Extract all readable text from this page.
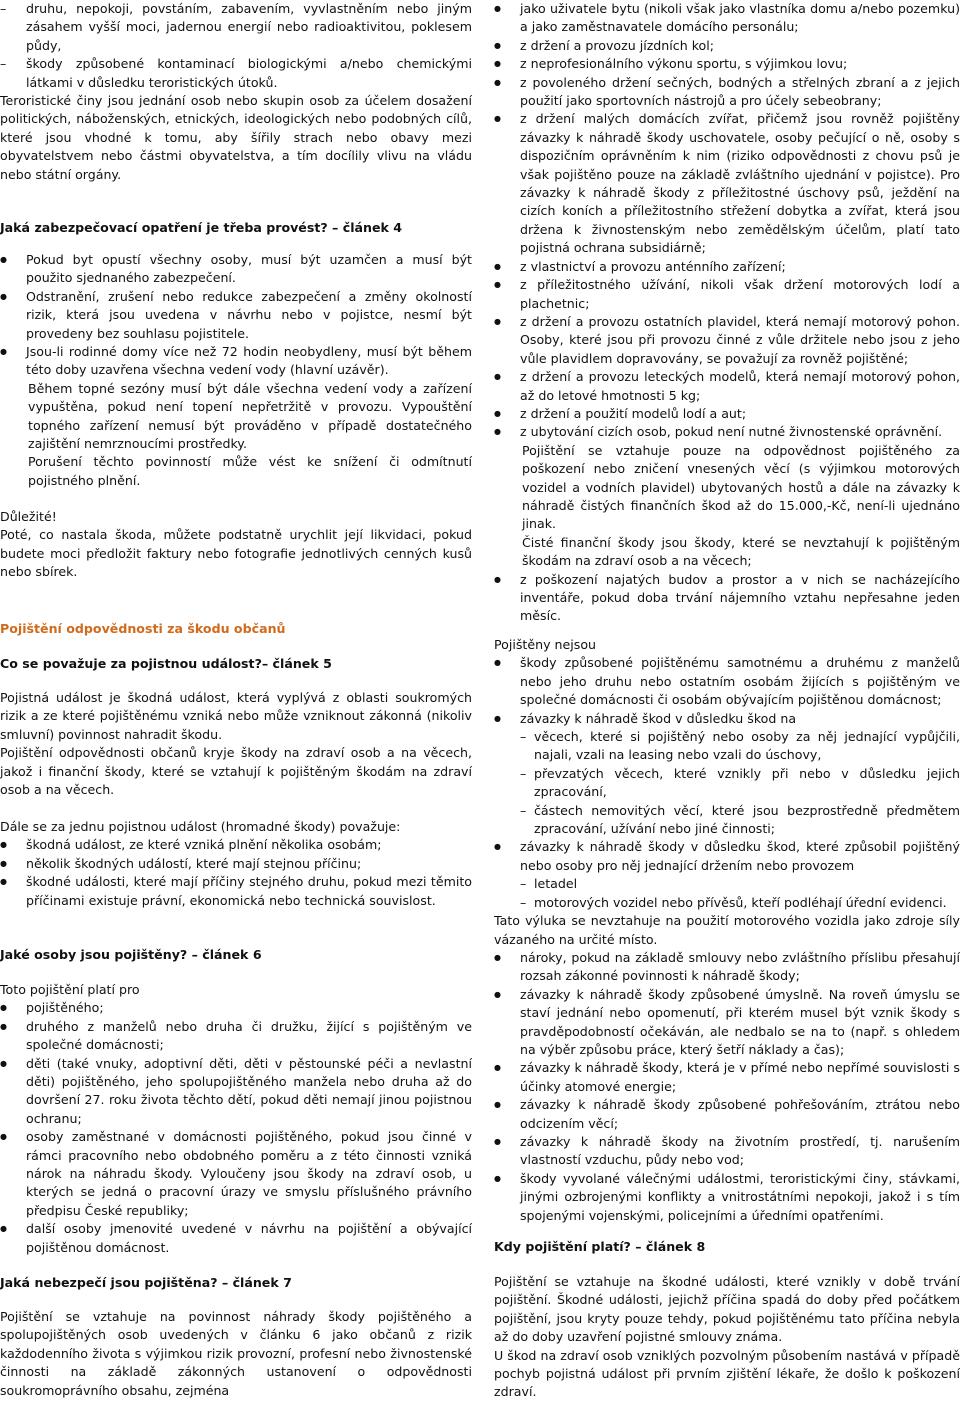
– druhu, nepokoji, povstáním, zabavením, vyvlastněním nebo jiným zásahem vyšší moci, jadernou energií nebo radioaktivitou, poklesem půdy,
– škody způsobené kontaminací biologickými a/nebo chemickými látkami v důsledku teroristických útoků.

Teroristické činy jsou jednání osob nebo skupin osob za účelem dosažení politických, náboženských, etnických, ideologických nebo podobných cílů, které jsou vhodné k tomu, aby šířily strach nebo obavy mezi obyvatelstvem nebo částmi obyvatelstva, a tím docílily vlivu na vládu nebo státní orgány.

Jaká zabezpečovací opatření je třeba provést? – článek 4

● Pokud byt opustí všechny osoby, musí být uzamčen a musí být použito sjednaného zabezpečení.
● Odstranění, zrušení nebo redukce zabezpečení a změny okolností rizik, která jsou uvedena v návrhu nebo v pojistce, nesmí být provedeny bez souhlasu pojistitele.
● Jsou-li rodinné domy více než 72 hodin neobydleny, musí být během této doby uzavřena všechna vedení vody (hlavní uzávěr).

Během topné sezóny musí být dále všechna vedení vody a zařízení vypuštěna, pokud není topení nepřetržitě v provozu. Vypouštění topného zařízení nemusí být prováděno v případě dostatečného zajištění nemrznoucími prostředky.

Porušení těchto povinností může vést ke snížení či odmítnutí pojistného plnění.

Důležité!

Poté, co nastala škoda, můžete podstatně urychlit její likvidaci, pokud budete moci předložit faktury nebo fotografie jednotlivých cenných kusů nebo sbírek.

Pojištění odpovědnosti za škodu občanů

Co se považuje za pojistnou událost?– článek 5

Pojistná událost je škodná událost, která vyplývá z oblasti soukromých rizik a ze které pojištěnému vzniká nebo může vzniknout zákonná (nikoliv smluvní) povinnost nahradit škodu.

Pojištění odpovědnosti občanů kryje škody na zdraví osob a na věcech, jakož i finanční škody, které se vztahují k pojištěným škodám na zdraví osob a na věcech.

Dále se za jednu pojistnou událost (hromadné škody) považuje:

● škodná událost, ze které vzniká plnění několika osobám;
● několik škodných událostí, které mají stejnou příčinu;
● škodné události, které mají příčiny stejného druhu, pokud mezi těmito příčinami existuje právní, ekonomická nebo technická souvislost.

Jaké osoby jsou pojištěny? – článek 6

Toto pojištění platí pro

● pojištěného;
● druhého z manželů nebo druha či družku, žijící s pojištěným ve společné domácnosti;
● děti (také vnuky, adoptivní děti, děti v pěstounské péči a nevlastní děti) pojištěného, jeho spolupojištěného manžela nebo druha až do dovršení 27. roku života těchto dětí, pokud děti nemají jinou pojistnou ochranu;
● osoby zaměstnané v domácnosti pojištěného, pokud jsou činné v rámci pracovního nebo obdobného poměru a z této činnosti vzniká nárok na náhradu škody. Vyloučeny jsou škody na zdraví osob, u kterých se jedná o pracovní úrazy ve smyslu příslušného právního předpisu České republiky;
● další osoby jmenovité uvedené v návrhu na pojištění a obývající pojištěnou domácnost.

Jaká nebezpečí jsou pojištěna? – článek 7

Pojištění se vztahuje na povinnost náhrady škody pojištěného a spolupojištěných osob uvedených v článku 6 jako občanů z rizik každodenního života s výjimkou rizik provozní, profesní nebo živnostenské činnosti na základě zákonných ustanovení o odpovědnosti soukromoprávního obsahu, zejména

● jako uživatele bytu (nikoli však jako vlastníka domu a/nebo pozemku) a jako zaměstnavatele domácího personálu;
● z držení a provozu jízdních kol;
● z neprofesionálního výkonu sportu, s výjimkou lovu;
● z povoleného držení sečných, bodných a střelných zbraní a z jejich použití jako sportovních nástrojů a pro účely sebeobrany;
● z držení malých domácích zvířat, přičemž jsou rovněž pojištěny závazky k náhradě škody uschovatele, osoby pečující o ně, osoby s dispozičním oprávněním k nim (riziko odpovědnosti z chovu psů je však pojištěno pouze na základě zvláštního ujednání v pojistce). Pro závazky k náhradě škody z příležitostné úschovy psů, ježdění na cizích koních a příležitostního střežení dobytka a zvířat, která jsou držena k živnostenským nebo zemědělským účelům, platí tato pojistná ochrana subsidiárně;
● z vlastnictví a provozu anténního zařízení;
● z příležitostného užívání, nikoli však držení motorových lodí a plachetnic;
● z držení a provozu ostatních plavidel, která nemají motorový pohon. Osoby, které jsou při provozu činné z vůle držitele nebo jsou z jeho vůle plavidlem dopravovány, se považují za rovněž pojištěné;
● z držení a provozu leteckých modelů, která nemají motorový pohon, až do letové hmotnosti 5 kg;
● z držení a použití modelů lodí a aut;
● z ubytování cizích osob, pokud není nutné živnostenské oprávnění.

Pojištění se vztahuje pouze na odpovědnost pojištěného za poškození nebo zničení vnesených věcí (s výjimkou motorových vozidel a vodních plavidel) ubytovaných hostů a dále na závazky k náhradě čistých finančních škod až do 15.000,-Kč, není-li ujednáno jinak.

Čisté finanční škody jsou škody, které se nevztahují k pojištěným škodám na zdraví osob a na věcech;

● z poškození najatých budov a prostor a v nich se nacházejícího inventáře, pokud doba trvání nájemního vztahu nepřesahne jeden měsíc.

Pojištěny nejsou

● škody způsobené pojištěnému samotnému a druhému z manželů nebo jeho druhu nebo ostatním osobám žijících s pojištěným ve společné domácnosti či osobám obývajícím pojištěnou domácnost;
● závazky k náhradě škod v důsledku škod na
– věcech, které si pojištěný nebo osoby za něj jednající vypůjčili, najali, vzali na leasing nebo vzali do úschovy,
– převzatých věcech, které vznikly při nebo v důsledku jejich zpracování,
– částech nemovitých věcí, které jsou bezprostředně předmětem zpracování, užívání nebo jiné činnosti;
● závazky k náhradě škody v důsledku škod, které způsobil pojištěný nebo osoby pro něj jednající držením nebo provozem
– letadel
– motorových vozidel nebo přívěsů, kteří podléhají úřední evidenci.

Tato výluka se nevztahuje na použití motorového vozidla jako zdroje síly vázaného na určité místo.

● nároky, pokud na základě smlouvy nebo zvláštního příslibu přesahují rozsah zákonné povinnosti k náhradě škody;
● závazky k náhradě škody způsobené úmyslně. Na roveň úmyslu se staví jednání nebo opomenutí, při kterém musel být vznik škody s pravděpodobností očekáván, ale nedbalo se na to (např. s ohledem na výběr způsobu práce, který šetří náklady a čas);
● závazky k náhradě škody, která je v přímé nebo nepřímé souvislosti s účinky atomové energie;
● závazky k náhradě škody způsobené pohřešováním, ztrátou nebo odcizením věcí;
● závazky k náhradě škody na životním prostředí, tj. narušením vlastností vzduchu, půdy nebo vod;
● škody vyvolané válečnými událostmi, teroristickými činy, stávkami, jinými ozbrojenými konflikty a vnitrostátními nepokoji, jakož i s tím spojenými vojenskými, policejními a úředními opatřeními.

Kdy pojištění platí? – článek 8

Pojištění se vztahuje na škodné události, které vznikly v době trvání pojištění. Škodné události, jejichž příčina spadá do doby před počátkem pojištění, jsou kryty pouze tehdy, pokud pojištěnému tato příčina nebyla až do doby uzavření pojistné smlouvy známa.

U škod na zdraví osob vzniklých pozvolným působením nastává v případě pochyb pojistná událost při prvním zjištění lékaře, že došlo k poškození zdraví.
